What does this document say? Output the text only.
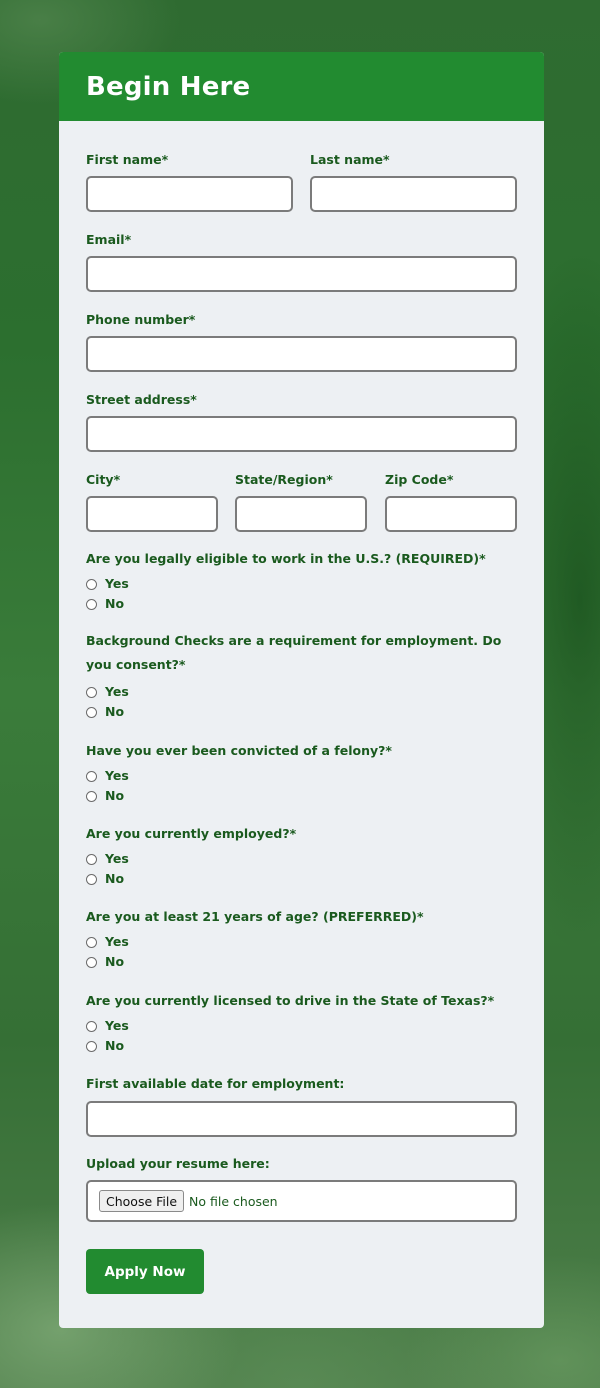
Begin Here
First name*	Last name*
Email*
Phone number*
Street address*
City*	State/Region*	Zip Code*
Are you legally eligible to work in the U.S.? (REQUIRED)*
Yes
No
Background Checks are a requirement for employment. Do you consent?*
Yes
No
Have you ever been convicted of a felony?*
Yes
No
Are you currently employed?*
Yes
No
Are you at least 21 years of age? (PREFERRED)*
Yes
No
Are you currently licensed to drive in the State of Texas?*
Yes
No
First available date for employment:
Upload your resume here:
Choose File No file chosen
Apply Now
